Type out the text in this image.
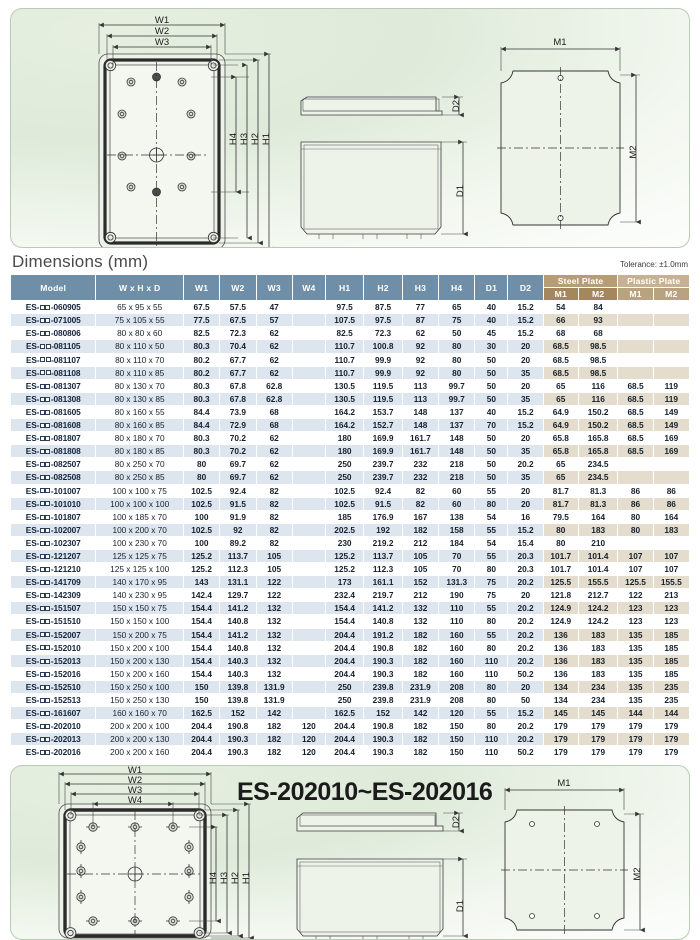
W1
W2
W3
H4 H3 H2 H1
D2
D1
M1
M2
Dimensions (mm)	Tolerance: ±1.0mm
Model	W x H x D	W1	W2	W3	W4	H1	H2	H3	H4	D1	D2	Steel Plate		Plastic Plate	
												M1	M2	M1	M2
ES- -060905	65 x 95 x 55	67.5	57.5	47		97.5	87.5	77	65	40	15.2	54	84		
ES- -071005	75 x 105 x 55	77.5	67.5	57		107.5	97.5	87	75	40	15.2	66	93		
ES- -080806	80 x 80 x 60	82.5	72.3	62		82.5	72.3	62	50	45	15.2	68	68		
ES- -081105	80 x 110 x 50	80.3	70.4	62		110.7	100.8	92	80	30	20	68.5	98.5		
ES- -081107	80 x 110 x 70	80.2	67.7	62		110.7	99.9	92	80	50	20	68.5	98.5		
ES- -081108	80 x 110 x 85	80.2	67.7	62		110.7	99.9	92	80	50	35	68.5	98.5		
ES- -081307	80 x 130 x 70	80.3	67.8	62.8		130.5	119.5	113	99.7	50	20	65	116	68.5	119
ES- -081308	80 x 130 x 85	80.3	67.8	62.8		130.5	119.5	113	99.7	50	35	65	116	68.5	119
ES- -081605	80 x 160 x 55	84.4	73.9	68		164.2	153.7	148	137	40	15.2	64.9	150.2	68.5	149
ES- -081608	80 x 160 x 85	84.4	72.9	68		164.2	152.7	148	137	70	15.2	64.9	150.2	68.5	149
ES- -081807	80 x 180 x 70	80.3	70.2	62		180	169.9	161.7	148	50	20	65.8	165.8	68.5	169
ES- -081808	80 x 180 x 85	80.3	70.2	62		180	169.9	161.7	148	50	35	65.8	165.8	68.5	169
ES- -082507	80 x 250 x 70	80	69.7	62		250	239.7	232	218	50	20.2	65	234.5		
ES- -082508	80 x 250 x 85	80	69.7	62		250	239.7	232	218	50	35	65	234.5		
ES- -101007	100 x 100 x 75	102.5	92.4	82		102.5	92.4	82	60	55	20	81.7	81.3	86	86
ES- -101010	100 x 100 x 100	102.5	91.5	82		102.5	91.5	82	60	80	20	81.7	81.3	86	86
ES- -101807	100 x 185 x 70	100	91.9	82		185	176.9	167	138	54	16	79.5	164	80	164
ES- -102007	100 x 200 x 70	102.5	92	82		202.5	192	182	158	55	15.2	80	183	80	183
ES- -102307	100 x 230 x 70	100	89.2	82		230	219.2	212	184	54	15.4	80	210		
ES- -121207	125 x 125 x 75	125.2	113.7	105		125.2	113.7	105	70	55	20.3	101.7	101.4	107	107
ES- -121210	125 x 125 x 100	125.2	112.3	105		125.2	112.3	105	70	80	20.3	101.7	101.4	107	107
ES- -141709	140 x 170 x 95	143	131.1	122		173	161.1	152	131.3	75	20.2	125.5	155.5	125.5	155.5
ES- -142309	140 x 230 x 95	142.4	129.7	122		232.4	219.7	212	190	75	20	121.8	212.7	122	213
ES- -151507	150 x 150 x 75	154.4	141.2	132		154.4	141.2	132	110	55	20.2	124.9	124.2	123	123
ES- -151510	150 x 150 x 100	154.4	140.8	132		154.4	140.8	132	110	80	20.2	124.9	124.2	123	123
ES- -152007	150 x 200 x 75	154.4	141.2	132		204.4	191.2	182	160	55	20.2	136	183	135	185
ES- -152010	150 x 200 x 100	154.4	140.8	132		204.4	190.8	182	160	80	20.2	136	183	135	185
ES- -152013	150 x 200 x 130	154.4	140.3	132		204.4	190.3	182	160	110	20.2	136	183	135	185
ES- -152016	150 x 200 x 160	154.4	140.3	132		204.4	190.3	182	160	110	50.2	136	183	135	185
ES- -152510	150 x 250 x 100	150	139.8	131.9		250	239.8	231.9	208	80	20	134	234	135	235
ES- -152513	150 x 250 x 130	150	139.8	131.9		250	239.8	231.9	208	80	50	134	234	135	235
ES- -161607	160 x 160 x 70	162.5	152	142		162.5	152	142	120	55	15.2	145	145	144	144
ES- -202010	200 x 200 x 100	204.4	190.8	182	120	204.4	190.8	182	150	80	20.2	179	179	179	179
ES- -202013	200 x 200 x 130	204.4	190.3	182	120	204.4	190.3	182	150	110	20.2	179	179	179	179
ES- -202016	200 x 200 x 160	204.4	190.3	182	120	204.4	190.3	182	150	110	50.2	179	179	179	179
ES-202010~ES-202016
W1
W2
W3
W4
H4 H3 H2 H1
D2
D1
M1
M2
